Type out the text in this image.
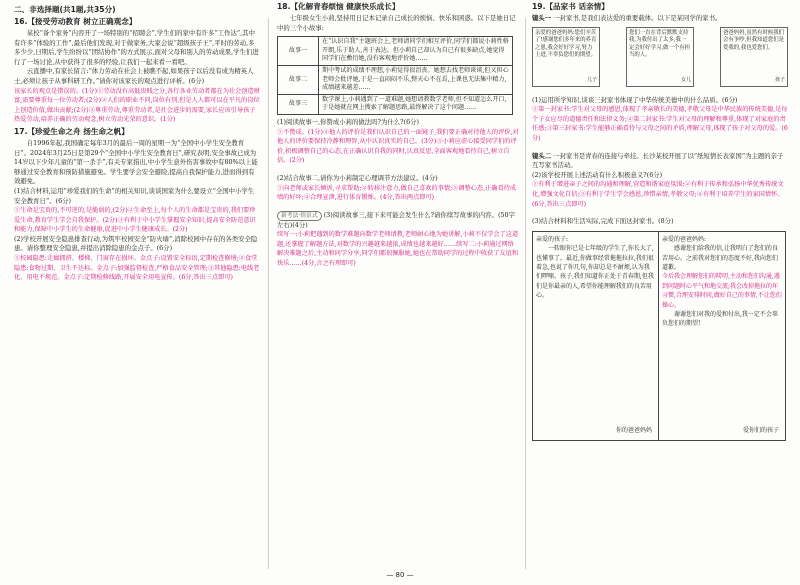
二、非选择题(共1题,共35分)
16.【接受劳动教育 树立正确观念】

某校“备个家务”内容开了一场特别的“招聘会”,学生们的家中有许多“工作达”,其中有许多“体验的工作”,最后他们发现,对于做家务,大家会说“超级孩子王”,平时的劳动,多多少少,日期后,学生纷纷以“团结协作”的方式展示,面对父母和别人的劳动成果,学生们进行了一场讨论,从中获得了很多的经验,让我们一起来看一看吧。

云直播中,有家长留言:“体力劳动在社会上被瞧不起,如果孩子以后没有成为精英人士,必须让孩子从事科研工作。”请你对该家长的观点进行评析。(6分)

该家长的观点是错误的。(1分)①劳动没有高低贵贱之分,各行各业劳动者都在为社会创造财富,需要尊重每一位劳动者;(2分)②人们的职业不同,岗位有别,但是人人都可以在平凡的岗位上创造价值,做出贡献;(2分)③尊重劳动,尊重劳动者,是社会进步的需要,家长应该引导孩子热爱劳动,培养正确的劳动观念,树立劳动光荣的意识。(1分)

17.【珍爱生命之舟 扬生命之帆】

自1996年起,我国确定每年3月的最后一周的星期一为“全国中小学生安全教育日”。2024年3月25日是第29个“全国中小学生安全教育日”,研究表明,安全事故已成为14岁以下少年儿童的“第一杀手”,有关专家指出,中小学生意外伤害事故中有80%以上能够通过安全教育和预防措施避免。学生要学会安全避险,提高自我保护能力,进而得到有效避免。

(1)结合材料,运用“珍爱我们的生命”的相关知识,谈谈国家为什么要设立“全国中小学生安全教育日”。(6分)

①生命是宝贵的,不可逆的,是脆弱的,(2分)②生命至上,每个人的生命都是宝贵的,我们要珍爱生命,教育学生学会自我保护。(2分)③有利于中小学生掌握安全知识,提高安全防范意识和能力,保障中小学生的生命健康,促进中小学生健康成长。(2分)

(2)学校开展安全隐患排查行动,为筑牢校园安全“防火墙”,消除校园中存在的各类安全隐患。请你整理安全隐患,并提出消除隐患的金点子。(6分)

①校园隐患:走廊拥挤、楼梯、门窗存在损坏。金点子:设置安全标语,定期检查修缮;②食堂隐患:食物过期、卫生不达标。金点子:加强监督检查,严格食品安全管理;③其他隐患:电线老化、用电不规范。金点子:定期检修线路,开展安全用电宣传。(6分,答出三点即可)

18.【化解青春烦恼 健康快乐成长】

七年级女生小莉,坚持用日记本记录自己成长的烦恼、快乐和困惑。以下是她日记中的三个小故事:

故事一	在“认识自我”主题班会上,老师请同学们相互评价,同学们都说小莉性格开朗,乐于助人,善于表达。但小莉自己却认为自己有很多缺点,她觉得同学们在敷衍她,没有客观地评价她……
故事二	期中考试的成绩不理想,小莉觉得很沮丧。她想去找老师谈谈,但又担心老师会批评她,于是一直闷闷不乐,整天心不在焉,上课也无法集中精力,成绩越来越差……
故事三	数学课上,小莉遇到了一道难题,她想请教数学老师,但不知道怎么开口,于是她就在网上搜索了解题思路,最终解决了这个问题……

(1)阅读故事一,你赞成小莉的做法吗?为什么?(6分)

①不赞成。(1分)②他人的评价是我们认识自己的一面镜子,我们要正确对待他人的评价,对他人的评价要保持冷静和理智,从中认识真实的自己。(3分)③小莉应虚心接受同学们的评价,积极调整自己的心态,在正确认识自我的同时,认真反思,全面客观地看待自己,树立自信。(2分)

(2)结合故事二,请你为小莉制定心理调节方法建议。(4分)

①向老师或家长倾诉,寻求帮助;②转移注意力,做自己喜欢的事情;③调整心态,正确看待成绩的好坏;④合理宣泄,进行体育锻炼。(4分,答出两点即可)

新考法·情景式 (3)阅读故事三,接下来可能会发生什么?请你续写故事的内容。(50字左右)(4分)

续写一:小莉把遇到的数学难题向数学老师请教,老师耐心地为她讲解,小莉不仅学会了这道题,还掌握了解题方法,对数学的兴趣越来越浓,成绩也越来越好……续写二:小莉通过网络解决难题之后,主动和同学分享,同学们都很佩服她,她也在帮助同学的过程中收获了友谊和快乐……(4分,言之有理即可)

19.【品家书 话亲情】

镜头一 一封家书,是我们表达爱的重要载体。以下是某同学的家书。

亲爱的爸爸妈妈:您们辛苦了!感谢您们多年来的养育之恩,我会好好学习,努力上进,不辜负您们的期望。
儿子
您们一直在背后默默支持我,为我付出了太多,我一定会好好学习,做一个有担当的人。
女儿
爸爸妈妈,虽然有时候我们会有争吵,但我知道您们是爱我的,我也爱您们。
孩子

(1)运用所学知识,谈谈三封家书体现了中华传统美德中的什么品质。(6分)

①第一封家书:学生对父母的感恩,体现了孝亲敬长的美德,孝敬父母是中华民族的传统美德,是每个子女应尽的道德责任和法律义务;②第二封家书:学生对父母的理解和尊重,体现了对家庭的责任感;③第三封家书:学生能够正确看待与父母之间的矛盾,理解父母,体现了孩子对父母的爱。(6分)

镜头二 一封家书是青春的连接与牵挂。长沙某校开展了以“纸短情长表家国”为主题的亲子互写家书活动。

(2)该学校开展上述活动有什么积极意义?(6分)

①有利于增进亲子之间的沟通和理解,营造和谐家庭氛围;②有利于传承和弘扬中华优秀传统文化,增强文化自信;③有利于学生学会感恩,珍惜亲情,孝敬父母;④有利于培养学生的家国情怀。(6分,答出三点即可)

(3)结合材料和生活实际,完成下面这封家书。(8分)

亲爱的孩子:
一转眼你已是七年级的学生了,你长大了,也懂事了。最近,你做事经常拖拖拉拉,我们很着急,也说了你几句,你却总是不耐烦,认为我们啰嗦。孩子,我们知道你正处于青春期,但我们是你最亲的人,希望你能理解我们的良苦用心。
你的爸爸妈妈
亲爱的爸爸妈妈:
感谢您们给我的信,让我明白了您们的良苦用心。之前我对您们的态度不好,我向您们道歉。
今后我会理解您们的唠叨,主动和您们沟通,遇到问题时心平气和地交流;我会改掉拖拉的坏习惯,合理安排时间,做好自己的事情,不让您们操心。
谢谢您们对我的爱和付出,我一定不会辜负您们的期望!
爱你们的孩子
— 80 —
